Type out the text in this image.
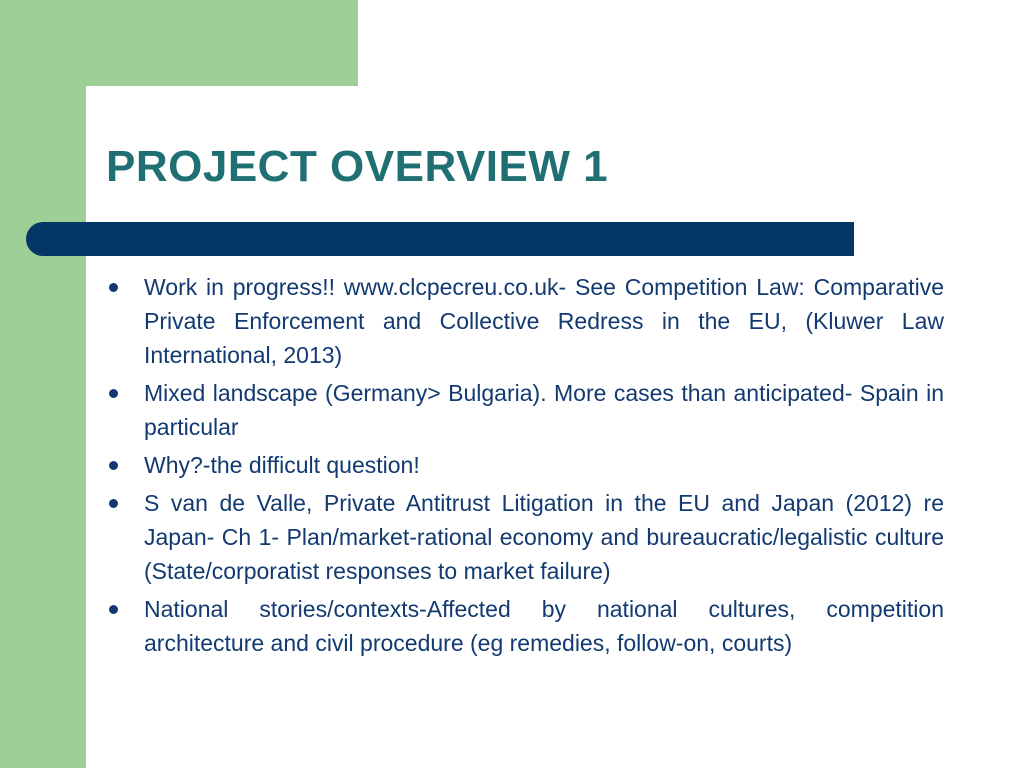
PROJECT OVERVIEW 1
Work in progress!! www.clcpecreu.co.uk- See Competition Law: Comparative Private Enforcement and Collective Redress in the EU, (Kluwer Law International, 2013)
Mixed landscape (Germany> Bulgaria). More cases than anticipated- Spain in particular
Why?-the difficult question!
S van de Valle, Private Antitrust Litigation in the EU and Japan (2012) re Japan- Ch 1- Plan/market-rational economy and bureaucratic/legalistic culture (State/corporatist responses to market failure)
National stories/contexts-Affected by national cultures, competition architecture and civil procedure (eg remedies, follow-on, courts)
